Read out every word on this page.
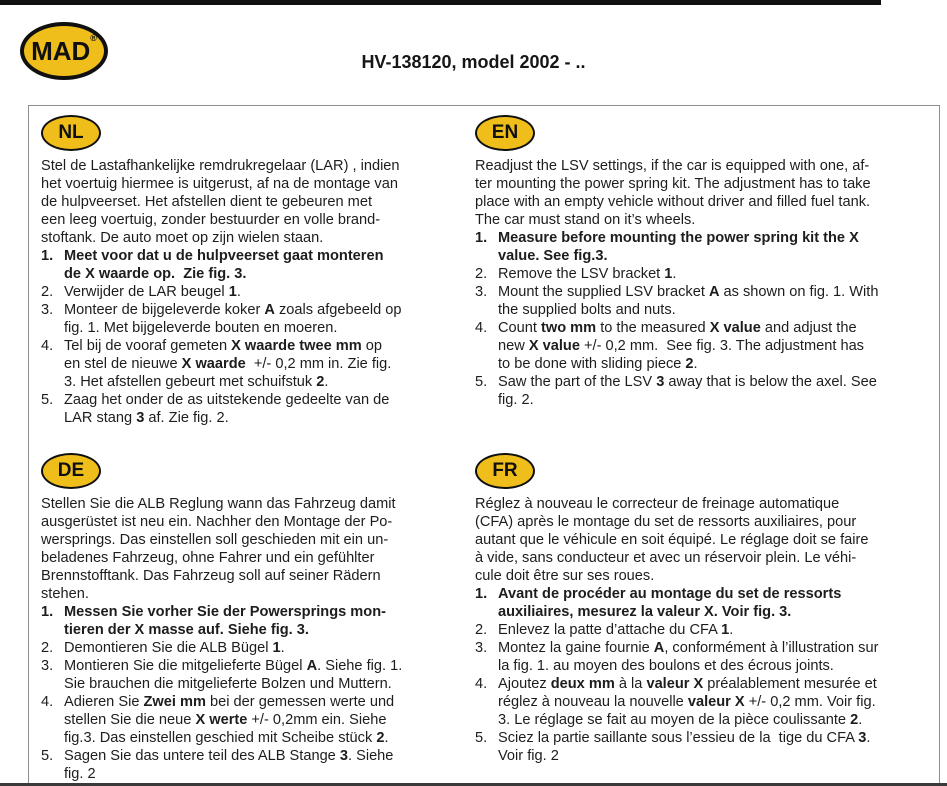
MAD ®
HV-138120, model 2002 - ..
NL
Stel de Lastafhankelijke remdrukregelaar (LAR) , indien
het voertuig hiermee is uitgerust, af na de montage van
de hulpveerset. Het afstellen dient te gebeuren met
een leeg voertuig, zonder bestuurder en volle brand-
stoftank. De auto moet op zijn wielen staan.
1. Meet voor dat u de hulpveerset gaat monteren
de X waarde op.  Zie fig. 3.
2. Verwijder de LAR beugel 1.
3. Monteer de bijgeleverde koker A zoals afgebeeld op
fig. 1. Met bijgeleverde bouten en moeren.
4. Tel bij de vooraf gemeten X waarde twee mm op
en stel de nieuwe X waarde  +/- 0,2 mm in. Zie fig.
3. Het afstellen gebeurt met schuifstuk 2.
5. Zaag het onder de as uitstekende gedeelte van de
LAR stang 3 af. Zie fig. 2.
EN
Readjust the LSV settings, if the car is equipped with one, af-
ter mounting the power spring kit. The adjustment has to take
place with an empty vehicle without driver and filled fuel tank.
The car must stand on it’s wheels.
1. Measure before mounting the power spring kit the X
value. See fig.3.
2. Remove the LSV bracket 1.
3. Mount the supplied LSV bracket A as shown on fig. 1. With
the supplied bolts and nuts.
4. Count two mm to the measured X value and adjust the
new X value +/- 0,2 mm.  See fig. 3. The adjustment has
to be done with sliding piece 2.
5. Saw the part of the LSV 3 away that is below the axel. See
fig. 2.
DE
Stellen Sie die ALB Reglung wann das Fahrzeug damit
ausgerüstet ist neu ein. Nachher den Montage der Po-
wersprings. Das einstellen soll geschieden mit ein un-
beladenes Fahrzeug, ohne Fahrer und ein gefühlter
Brennstofftank. Das Fahrzeug soll auf seiner Rädern
stehen.
1. Messen Sie vorher Sie der Powersprings mon-
tieren der X masse auf. Siehe fig. 3.
2. Demontieren Sie die ALB Bügel 1.
3. Montieren Sie die mitgelieferte Bügel A. Siehe fig. 1.
Sie brauchen die mitgelieferte Bolzen und Muttern.
4. Adieren Sie Zwei mm bei der gemessen werte und
stellen Sie die neue X werte +/- 0,2mm ein. Siehe
fig.3. Das einstellen geschied mit Scheibe stück 2.
5. Sagen Sie das untere teil des ALB Stange 3. Siehe
fig. 2
FR
Réglez à nouveau le correcteur de freinage automatique
(CFA) après le montage du set de ressorts auxiliaires, pour
autant que le véhicule en soit équipé. Le réglage doit se faire
à vide, sans conducteur et avec un réservoir plein. Le véhi-
cule doit être sur ses roues.
1. Avant de procéder au montage du set de ressorts
auxiliaires, mesurez la valeur X. Voir fig. 3.
2. Enlevez la patte d’attache du CFA 1.
3. Montez la gaine fournie A, conformément à l’illustration sur
la fig. 1. au moyen des boulons et des écrous joints.
4. Ajoutez deux mm à la valeur X préalablement mesurée et
réglez à nouveau la nouvelle valeur X +/- 0,2 mm. Voir fig.
3. Le réglage se fait au moyen de la pièce coulissante 2.
5. Sciez la partie saillante sous l’essieu de la  tige du CFA 3.
Voir fig. 2
